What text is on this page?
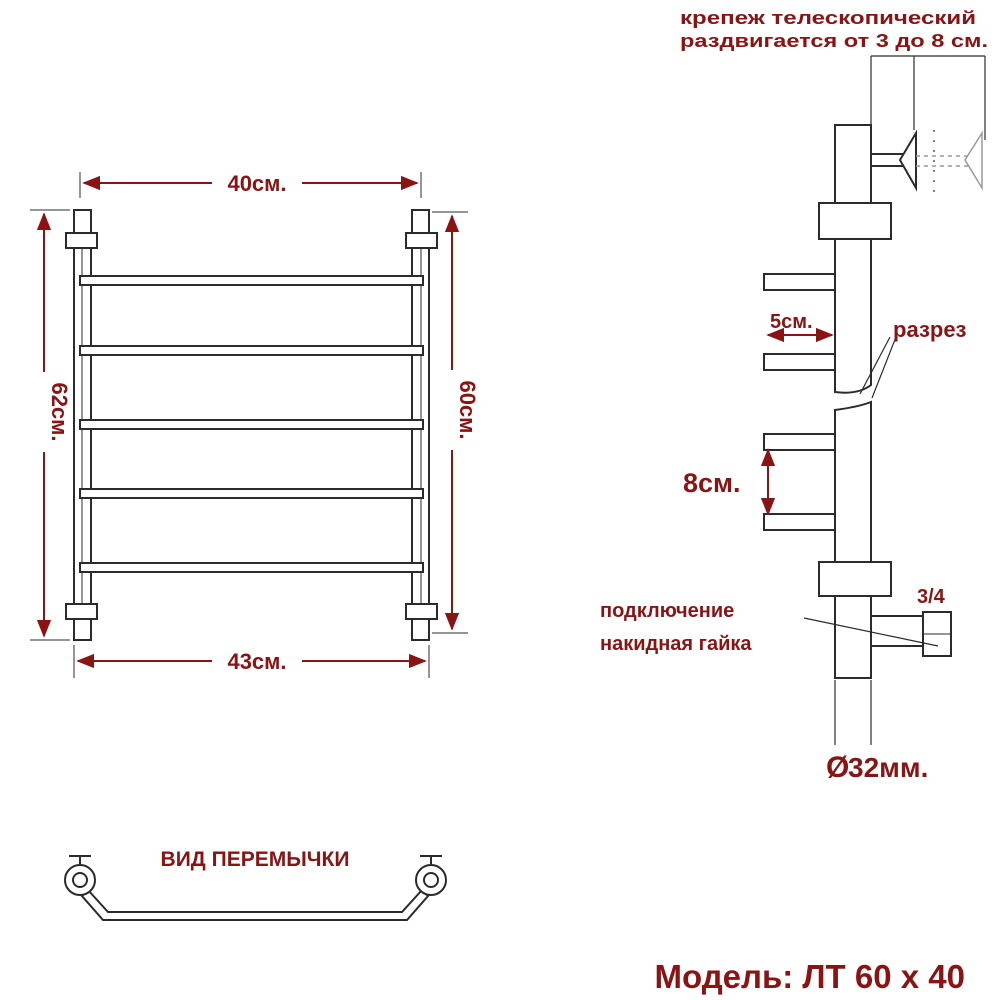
40см.
43см.
62см.	60см.
крепеж телескопический
раздвигается от 3 до 8 см.
5см.
8см.
разрез
3/4
подключение
накидная гайка
Ø
32мм.
ВИД ПЕРЕМЫЧКИ
Модель: ЛТ 60 х 40
